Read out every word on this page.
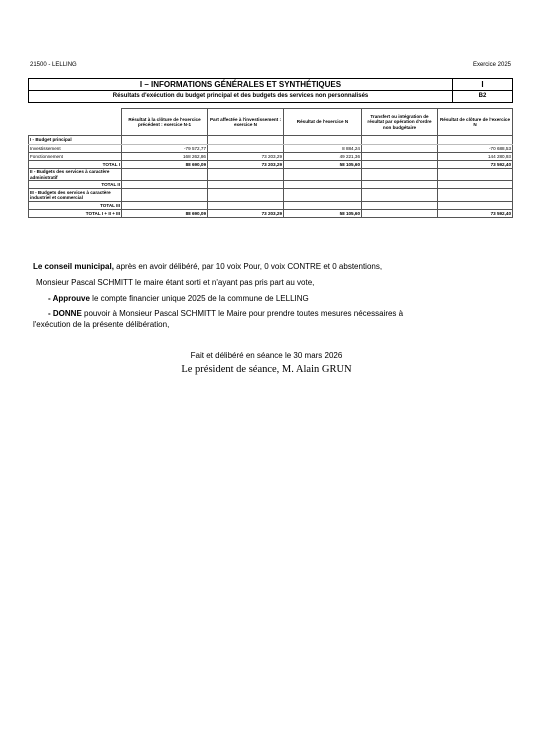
21500 - LELLING	Exercice 2025
I – INFORMATIONS GÉNÉRALES ET SYNTHÉTIQUES	I
Résultats d'exécution du budget principal et des budgets des services non personnalisés	B2
	Résultat à la clôture de l'exercice précédent : exercice N-1	Part affectée à l'investissement : exercice N	Résultat de l'exercice N	Transfert ou intégration de résultat par opération d'ordre non budgétaire	Résultat de clôture de l'exercice N
I - Budget principal					
Investissement	-79 572,77		8 884,24		-70 688,53
Fonctionnement	168 262,86	73 203,29	49 221,36		144 280,93
TOTAL I	88 690,09	73 203,29	58 105,60		73 592,40
II - Budgets des services à caractère administratif					
TOTAL II					
III - Budgets des services à caractère industriel et commercial					
TOTAL III					
TOTAL I + II + III	88 690,09	73 203,29	58 105,60		73 592,40
Le conseil municipal, après en avoir délibéré, par 10 voix Pour, 0 voix CONTRE et 0 abstentions,
Monsieur Pascal SCHMITT le maire étant sorti et n'ayant pas pris part au vote,
- Approuve le compte financier unique 2025 de la commune de LELLING
- DONNE pouvoir à Monsieur Pascal SCHMITT le Maire pour prendre toutes mesures nécessaires à
l'exécution de la présente délibération,
Fait et délibéré en séance le 30 mars 2026
Le président de séance, M. Alain GRUN
